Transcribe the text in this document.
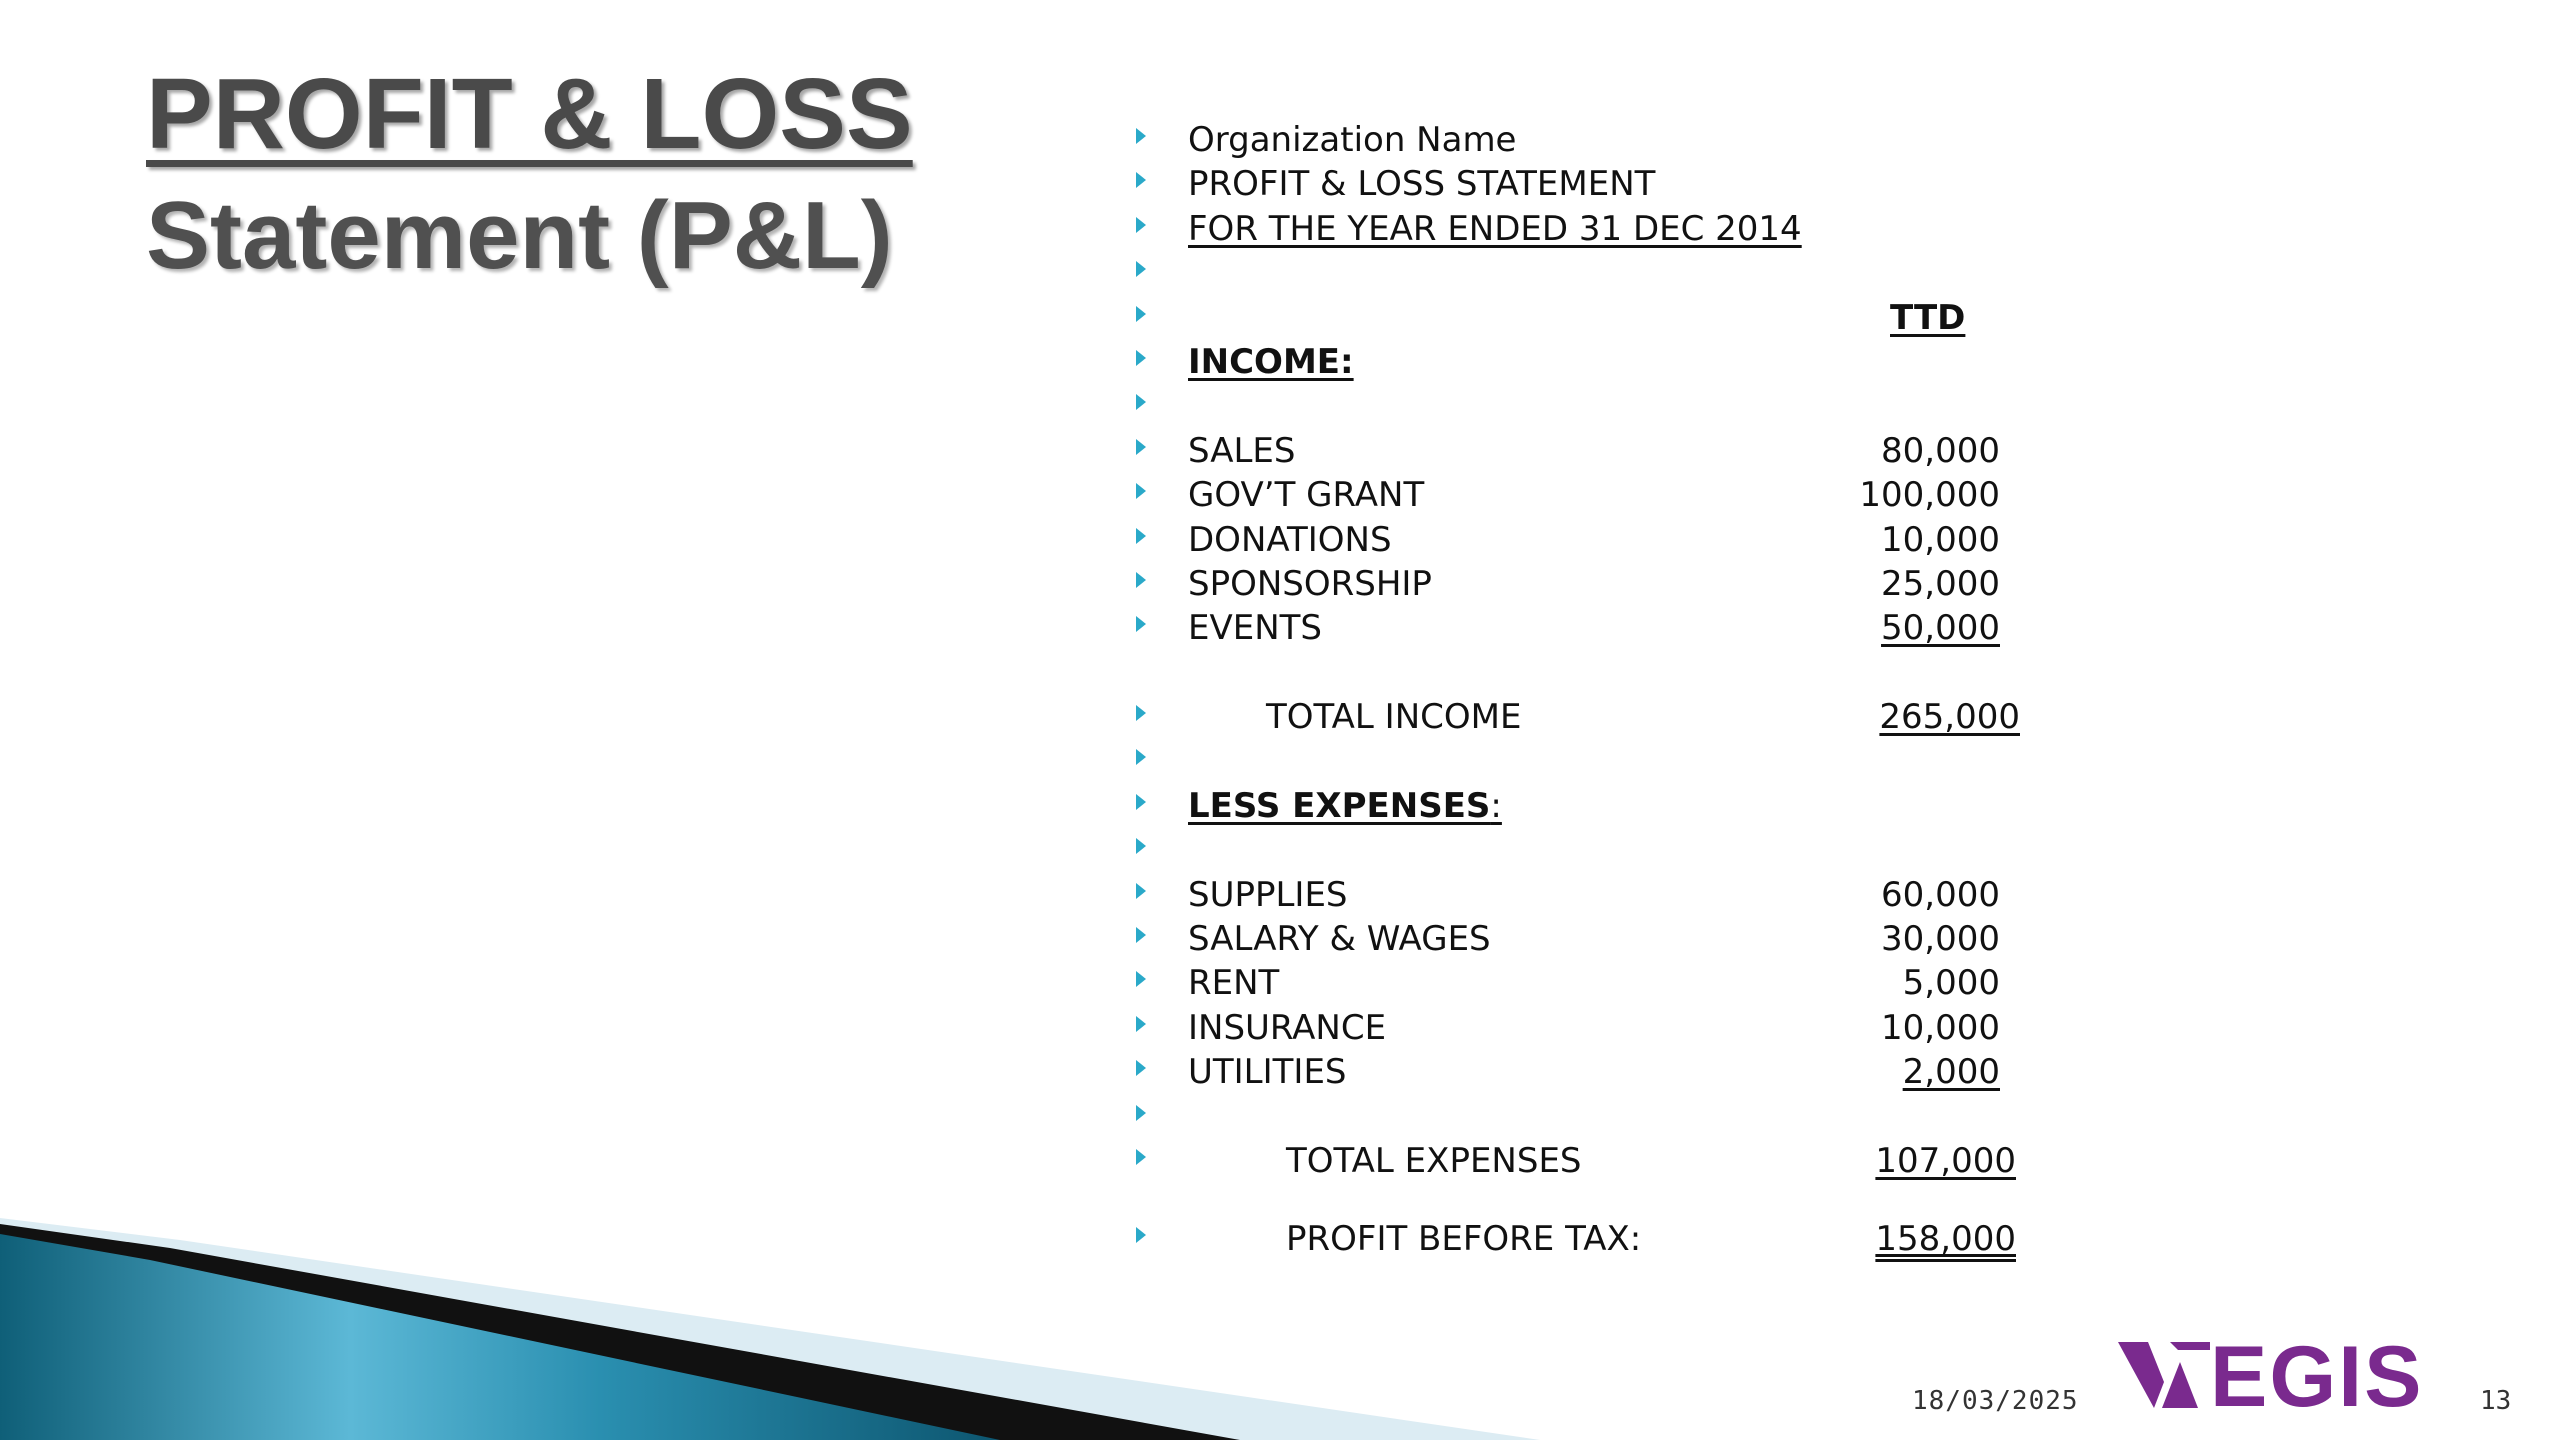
PROFIT & LOSS
Statement (P&L)
Organization Name
PROFIT & LOSS STATEMENT
FOR THE YEAR ENDED 31 DEC 2014
TTD
INCOME:
SALES	80,000
GOV’T GRANT	100,000
DONATIONS	10,000
SPONSORSHIP	25,000
EVENTS	50,000
TOTAL INCOME	265,000
LESS EXPENSES:
SUPPLIES	60,000
SALARY & WAGES	30,000
RENT	5,000
INSURANCE	10,000
UTILITIES	2,000
TOTAL EXPENSES	107,000
PROFIT BEFORE TAX:	158,000
18/03/2025 EGIS 13
